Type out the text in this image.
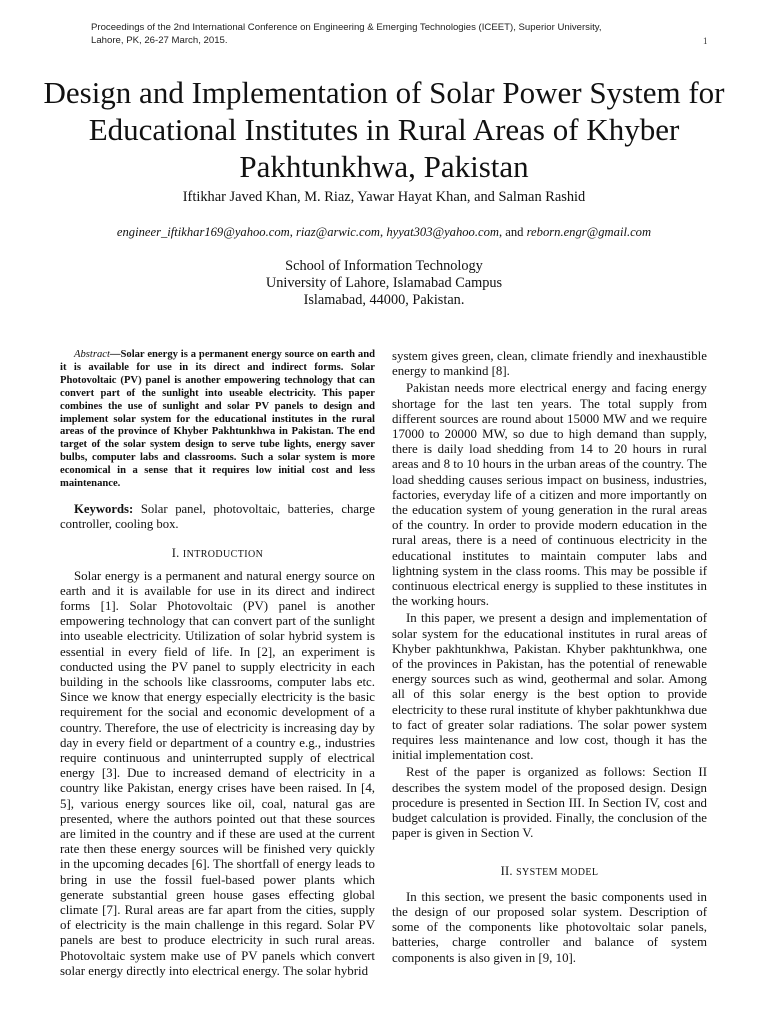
Proceedings of the 2nd International Conference on Engineering & Emerging Technologies (ICEET), Superior University, Lahore, PK, 26-27 March, 2015.	1
Design and Implementation of Solar Power System for Educational Institutes in Rural Areas of Khyber Pakhtunkhwa, Pakistan
Iftikhar Javed Khan, M. Riaz, Yawar Hayat Khan, and Salman Rashid
engineer_iftikhar169@yahoo.com, riaz@arwic.com, hyyat303@yahoo.com, and reborn.engr@gmail.com
School of Information Technology
University of Lahore, Islamabad Campus
Islamabad, 44000, Pakistan.

Abstract—Solar energy is a permanent energy source on earth and it is available for use in its direct and indirect forms. Solar Photovoltaic (PV) panel is another empowering technology that can convert part of the sunlight into useable electricity. This paper combines the use of sunlight and solar PV panels to design and implement solar system for the educational institutes in the rural areas of the province of Khyber Pakhtunkhwa in Pakistan. The end target of the solar system design to serve tube lights, energy saver bulbs, computer labs and classrooms. Such a solar system is more economical in a sense that it requires low initial cost and less maintenance.

Keywords: Solar panel, photovoltaic, batteries, charge controller, cooling box.

I. INTRODUCTION

Solar energy is a permanent and natural energy source on earth and it is available for use in its direct and indirect forms [1]. Solar Photovoltaic (PV) panel is another empowering technology that can convert part of the sunlight into useable electricity. Utilization of solar hybrid system is essential in every field of life. In [2], an experiment is conducted using the PV panel to supply electricity in each building in the schools like classrooms, computer labs etc. Since we know that energy especially electricity is the basic requirement for the social and economic development of a country. Therefore, the use of electricity is increasing day by day in every field or department of a country e.g., industries require continuous and uninterrupted supply of electrical energy [3]. Due to increased demand of electricity in a country like Pakistan, energy crises have been raised. In [4, 5], various energy sources like oil, coal, natural gas are presented, where the authors pointed out that these sources are limited in the country and if these are used at the current rate then these energy sources will be finished very quickly in the upcoming decades [6]. The shortfall of energy leads to bring in use the fossil fuel-based power plants which generate substantial green house gases effecting global climate [7]. Rural areas are far apart from the cities, supply of electricity is the main challenge in this regard. Solar PV panels are best to produce electricity in such rural areas. Photovoltaic system make use of PV panels which convert solar energy directly into electrical energy. The solar hybrid

system gives green, clean, climate friendly and inexhaustible energy to mankind [8].

Pakistan needs more electrical energy and facing energy shortage for the last ten years. The total supply from different sources are round about 15000 MW and we require 17000 to 20000 MW, so due to high demand than supply, there is daily load shedding from 14 to 20 hours in rural areas and 8 to 10 hours in the urban areas of the country. The load shedding causes serious impact on business, industries, factories, everyday life of a citizen and more importantly on the education system of young generation in the rural areas of the country. In order to provide modern education in the rural areas, there is a need of continuous electricity in the educational institutes to maintain computer labs and lightning system in the class rooms. This may be possible if continuous electrical energy is supplied to these institutes in the working hours.

In this paper, we present a design and implementation of solar system for the educational institutes in rural areas of Khyber pakhtunkhwa, Pakistan. Khyber pakhtunkhwa, one of the provinces in Pakistan, has the potential of renewable energy sources such as wind, geothermal and solar. Among all of this solar energy is the best option to provide electricity to these rural institute of khyber pakhtunkhwa due to fact of greater solar radiations. The solar power system requires less maintenance and low cost, though it has the initial implementation cost.

Rest of the paper is organized as follows: Section II describes the system model of the proposed design. Design procedure is presented in Section III. In Section IV, cost and budget calculation is provided. Finally, the conclusion of the paper is given in Section V.

II. SYSTEM MODEL

In this section, we present the basic components used in the design of our proposed solar system. Description of some of the components like photovoltaic solar panels, batteries, charge controller and balance of system components is also given in [9, 10].
